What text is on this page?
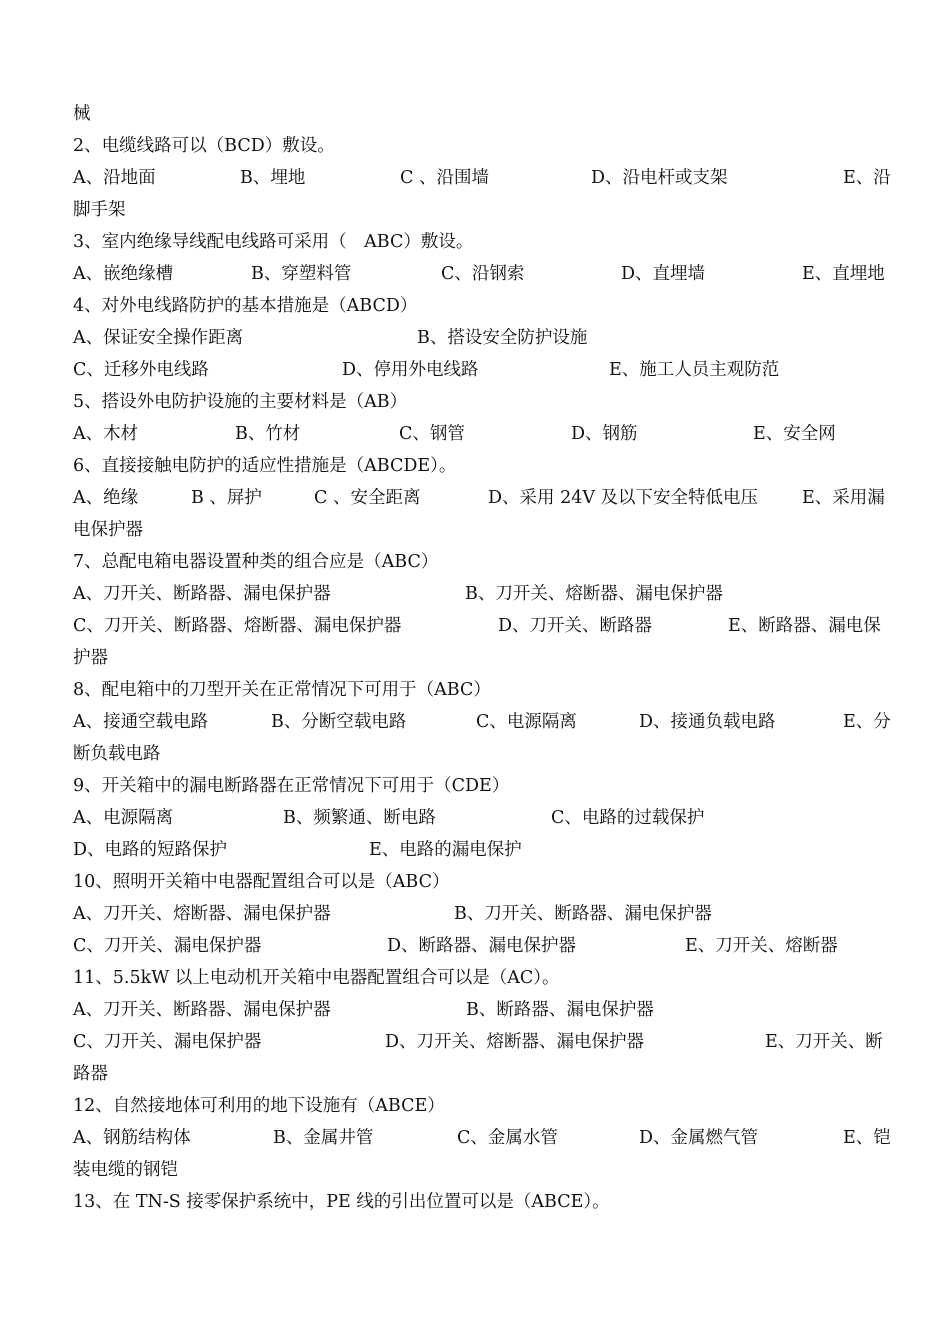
械
2、电缆线路可以（BCD）敷设。
A、沿地面	B、埋地	C 、沿围墙	D、沿电杆或支架	E、沿
脚手架
3、室内绝缘导线配电线路可采用（　ABC）敷设。
A、嵌绝缘槽	B、穿塑料管	C、沿钢索	D、直埋墙	E、直埋地
4、对外电线路防护的基本措施是（ABCD）
A、保证安全操作距离	B、搭设安全防护设施
C、迁移外电线路	D、停用外电线路	E、施工人员主观防范
5、搭设外电防护设施的主要材料是（AB）
A、木材	B、竹材	C、钢管	D、钢筋	E、安全网
6、直接接触电防护的适应性措施是（ABCDE）。
A、绝缘	B 、屏护	C 、安全距离	D、采用 24V 及以下安全特低电压	E、采用漏
电保护器
7、总配电箱电器设置种类的组合应是（ABC）
A、刀开关、断路器、漏电保护器	B、刀开关、熔断器、漏电保护器
C、刀开关、断路器、熔断器、漏电保护器	D、刀开关、断路器	E、断路器、漏电保
护器
8、配电箱中的刀型开关在正常情况下可用于（ABC）
A、接通空载电路	B、分断空载电路	C、电源隔离	D、接通负载电路	E、分
断负载电路
9、开关箱中的漏电断路器在正常情况下可用于（CDE）
A、电源隔离	B、频繁通、断电路	C、电路的过载保护
D、电路的短路保护	E、电路的漏电保护
10、照明开关箱中电器配置组合可以是（ABC）
A、刀开关、熔断器、漏电保护器	B、刀开关、断路器、漏电保护器
C、刀开关、漏电保护器	D、断路器、漏电保护器	E、刀开关、熔断器
11、5.5kW 以上电动机开关箱中电器配置组合可以是（AC）。
A、刀开关、断路器、漏电保护器	B、断路器、漏电保护器
C、刀开关、漏电保护器	D、刀开关、熔断器、漏电保护器	E、刀开关、断
路器
12、自然接地体可利用的地下设施有（ABCE）
A、钢筋结构体	B、金属井管	C、金属水管	D、金属燃气管	E、铠
装电缆的钢铠
13、在 TN-S 接零保护系统中，PE 线的引出位置可以是（ABCE）。
